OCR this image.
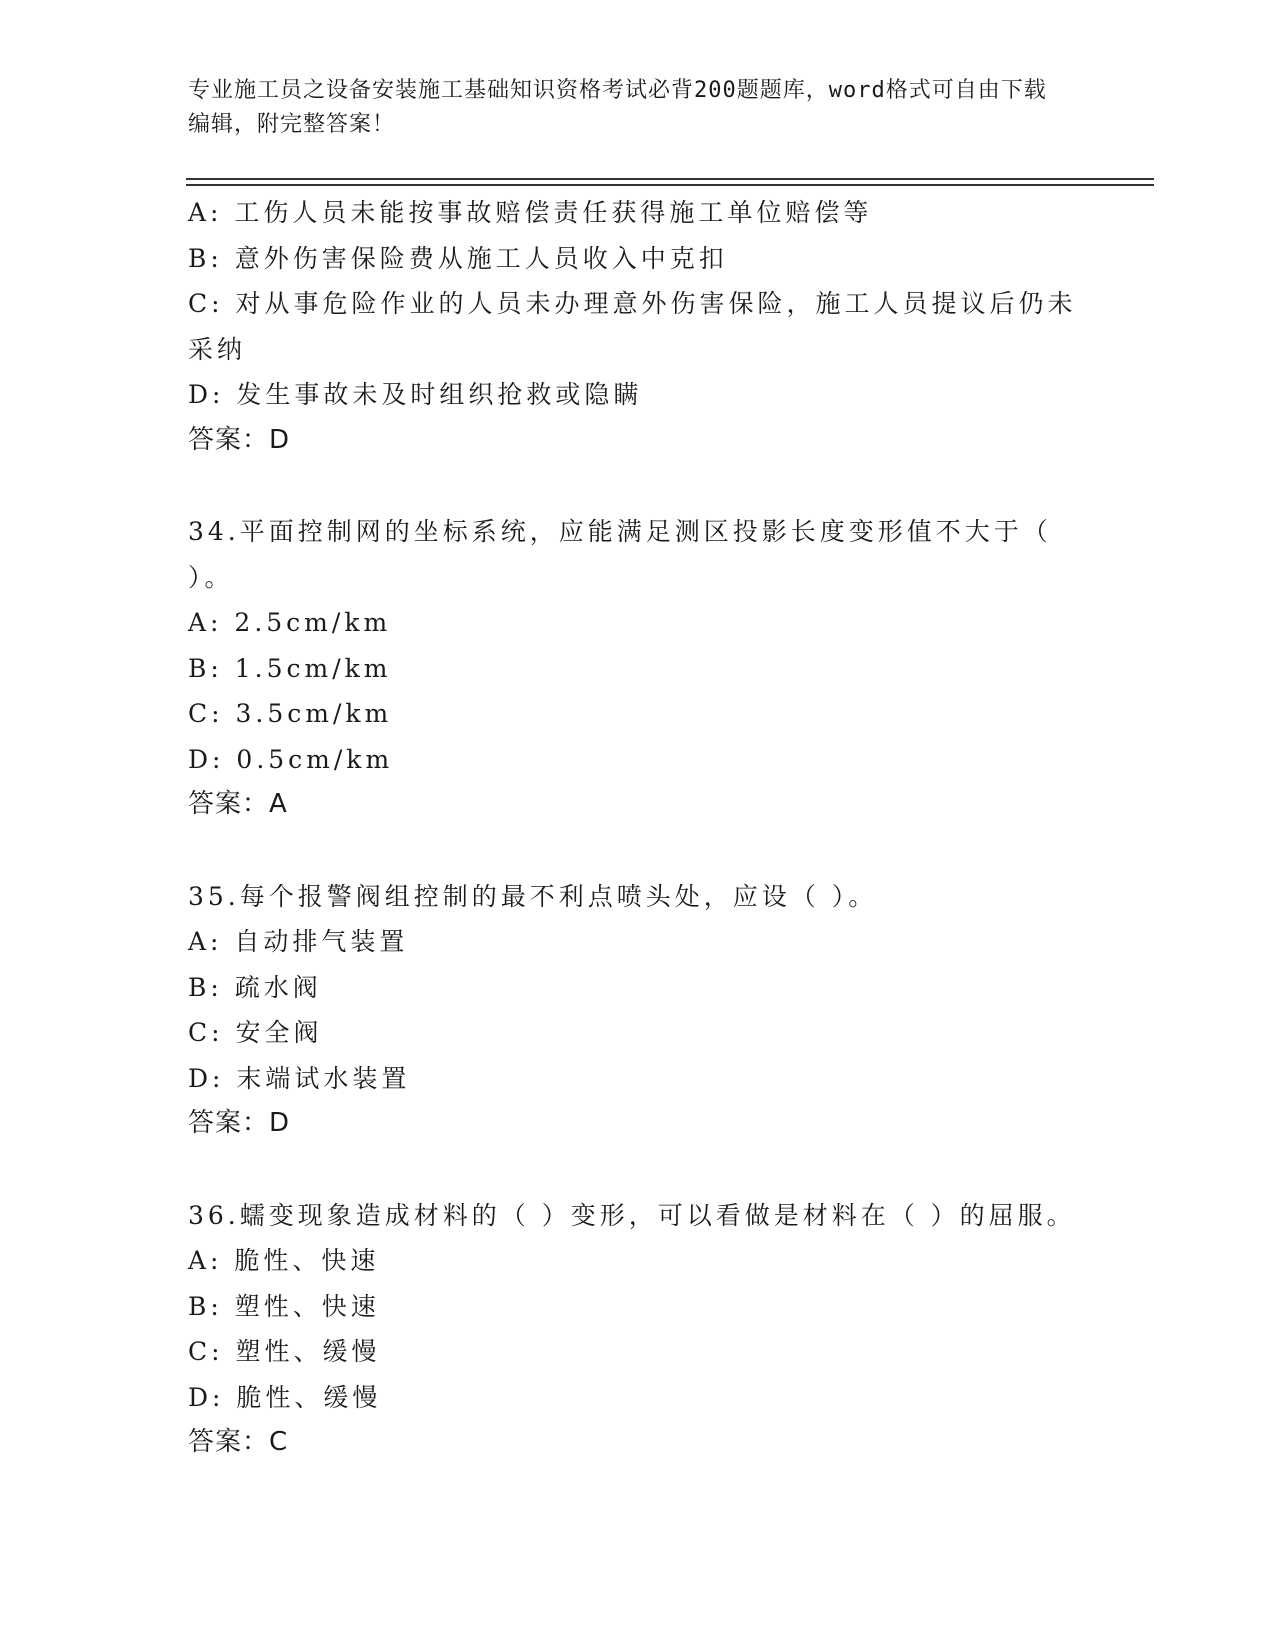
专业施工员之设备安装施工基础知识资格考试必背200题题库，word格式可自由下载编辑，附完整答案！

A: 工伤人员未能按事故赔偿责任获得施工单位赔偿等

B: 意外伤害保险费从施工人员收入中克扣

C: 对从事危险作业的人员未办理意外伤害保险，施工人员提议后仍未采纳

D: 发生事故未及时组织抢救或隐瞒

答案：D

34.平面控制网的坐标系统，应能满足测区投影长度变形值不大于（ ）。

A: 2.5cm/km

B: 1.5cm/km

C: 3.5cm/km

D: 0.5cm/km

答案：A

35.每个报警阀组控制的最不利点喷头处，应设（ ）。

A: 自动排气装置

B: 疏水阀

C: 安全阀

D: 末端试水装置

答案：D

36.蠕变现象造成材料的（ ）变形，可以看做是材料在（ ）的屈服。

A: 脆性、快速

B: 塑性、快速

C: 塑性、缓慢

D: 脆性、缓慢

答案：C
